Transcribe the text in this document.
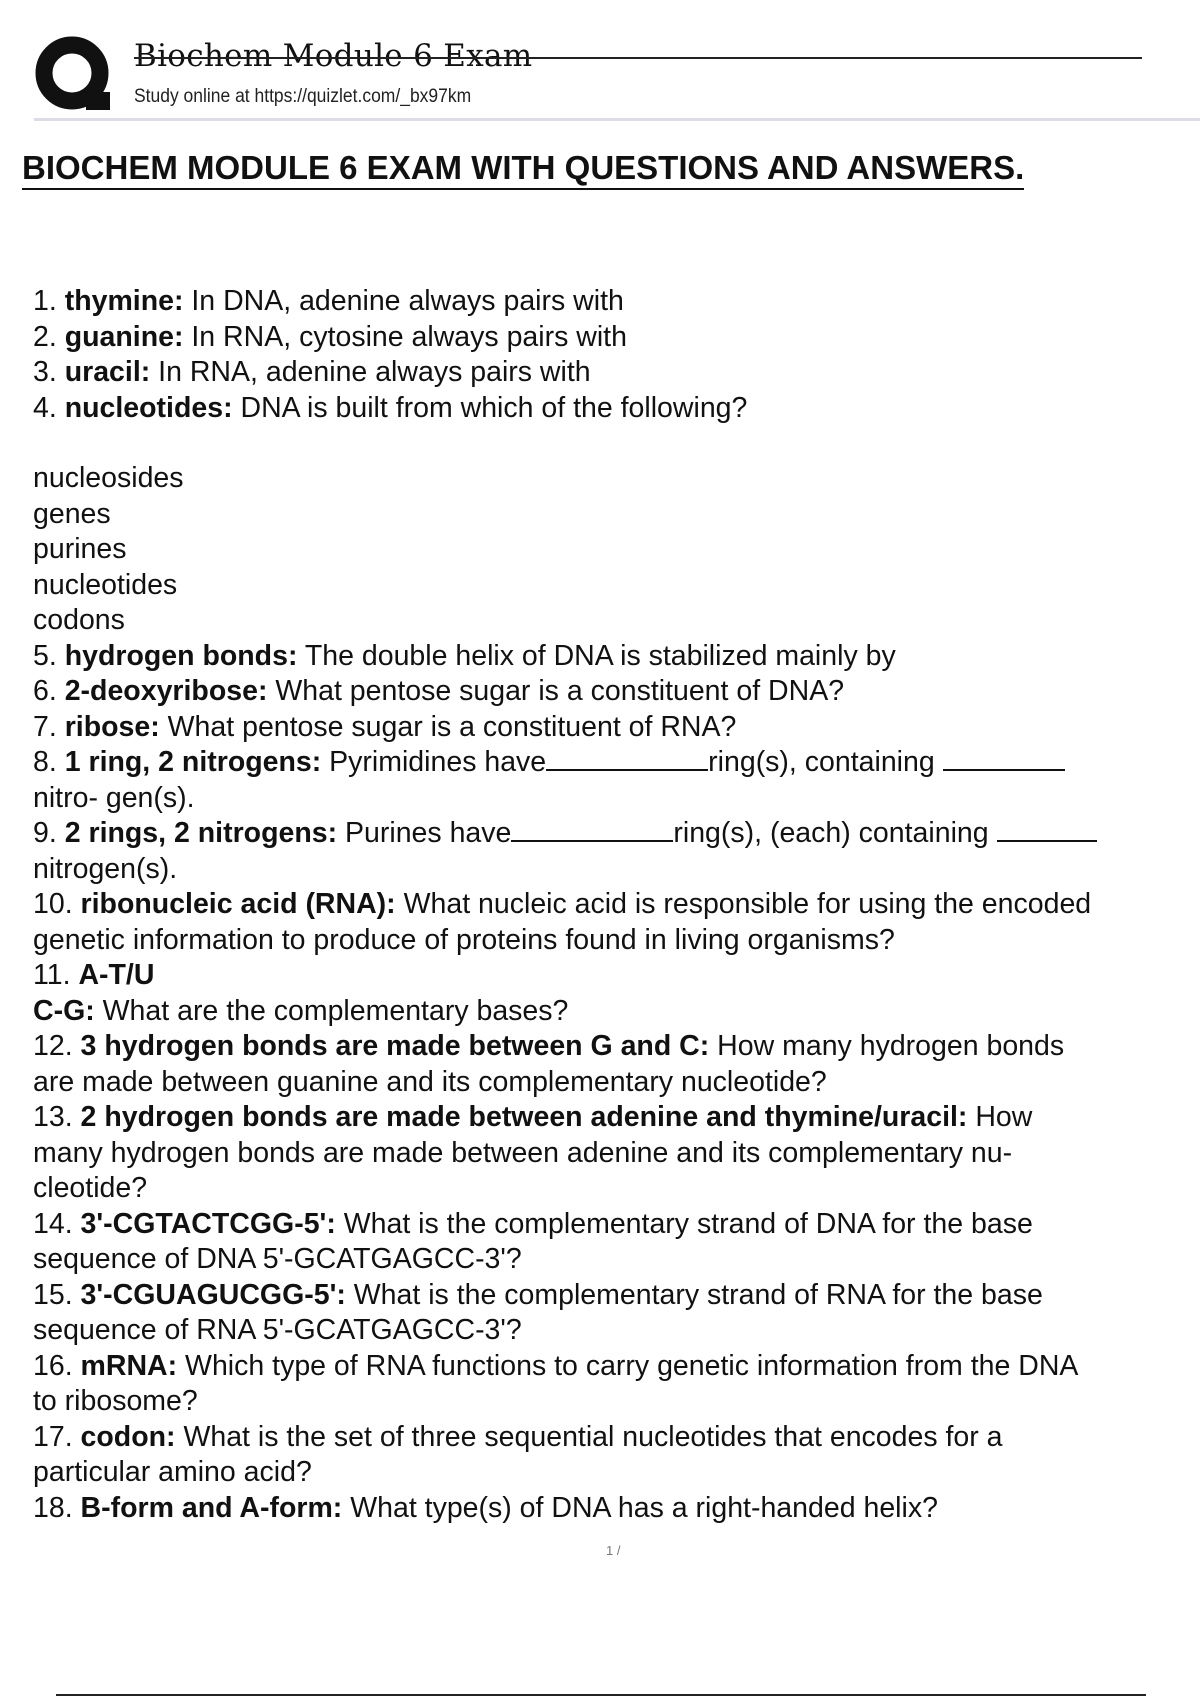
Biochem Module 6 Exam
Study online at https://quizlet.com/_bx97km
BIOCHEM MODULE 6 EXAM WITH QUESTIONS AND ANSWERS.
1. thymine: In DNA, adenine always pairs with
2. guanine: In RNA, cytosine always pairs with
3. uracil: In RNA, adenine always pairs with
4. nucleotides: DNA is built from which of the following?
nucleosides
genes
purines
nucleotides
codons
5. hydrogen bonds: The double helix of DNA is stabilized mainly by
6. 2-deoxyribose: What pentose sugar is a constituent of DNA?
7. ribose: What pentose sugar is a constituent of RNA?
8. 1 ring, 2 nitrogens: Pyrimidines have	ring(s), containing
nitro- gen(s).
9. 2 rings, 2 nitrogens: Purines have	ring(s), (each) containing
nitrogen(s).
10. ribonucleic acid (RNA): What nucleic acid is responsible for using the encoded
genetic information to produce of proteins found in living organisms?
11. A-T/U
C-G: What are the complementary bases?
12. 3 hydrogen bonds are made between G and C: How many hydrogen bonds
are made between guanine and its complementary nucleotide?
13. 2 hydrogen bonds are made between adenine and thymine/uracil: How
many hydrogen bonds are made between adenine and its complementary nu-
cleotide?
14. 3'-CGTACTCGG-5': What is the complementary strand of DNA for the base
sequence of DNA 5'-GCATGAGCC-3'?
15. 3'-CGUAGUCGG-5': What is the complementary strand of RNA for the base
sequence of RNA 5'-GCATGAGCC-3'?
16. mRNA: Which type of RNA functions to carry genetic information from the DNA
to ribosome?
17. codon: What is the set of three sequential nucleotides that encodes for a
particular amino acid?
18. B-form and A-form: What type(s) of DNA has a right-handed helix?
1 /
